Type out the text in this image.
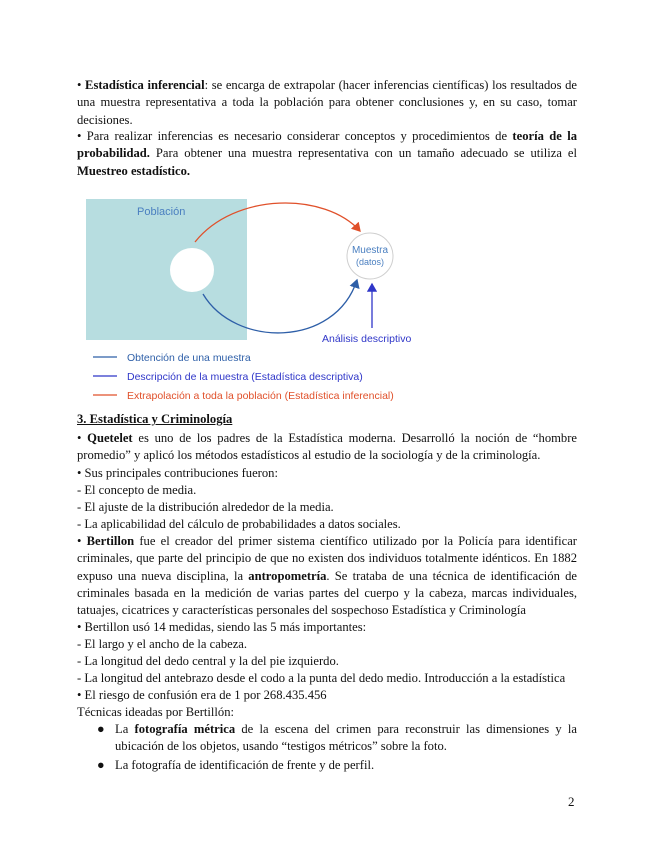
• Estadística inferencial: se encarga de extrapolar (hacer inferencias científicas) los resultados de una muestra representativa a toda la población para obtener conclusiones y, en su caso, tomar decisiones.
• Para realizar inferencias es necesario considerar conceptos y procedimientos de teoría de la probabilidad. Para obtener una muestra representativa con un tamaño adecuado se utiliza el Muestreo estadístico.
Población
Muestra
(datos)
Análisis descriptivo
Obtención de una muestra
Descripción de la muestra (Estadística descriptiva)
Extrapolación a toda la población (Estadística inferencial)
3. Estadística y Criminología
• Quetelet es uno de los padres de la Estadística moderna. Desarrolló la noción de “hombre promedio” y aplicó los métodos estadísticos al estudio de la sociología y de la criminología.
• Sus principales contribuciones fueron:
- El concepto de media.
- El ajuste de la distribución alrededor de la media.
- La aplicabilidad del cálculo de probabilidades a datos sociales.
• Bertillon fue el creador del primer sistema científico utilizado por la Policía para identificar criminales, que parte del principio de que no existen dos individuos totalmente idénticos. En 1882 expuso una nueva disciplina, la antropometría. Se trataba de una técnica de identificación de criminales basada en la medición de varias partes del cuerpo y la cabeza, marcas individuales, tatuajes, cicatrices y características personales del sospechoso Estadística y Criminología
• Bertillon usó 14 medidas, siendo las 5 más importantes:
- El largo y el ancho de la cabeza.
- La longitud del dedo central y la del pie izquierdo.
- La longitud del antebrazo desde el codo a la punta del dedo medio. Introducción a la estadística
• El riesgo de confusión era de 1 por 268.435.456
Técnicas ideadas por Bertillón:
● La fotografía métrica de la escena del crimen para reconstruir las dimensiones y la ubicación de los objetos, usando “testigos métricos” sobre la foto.
● La fotografía de identificación de frente y de perfil.
2
